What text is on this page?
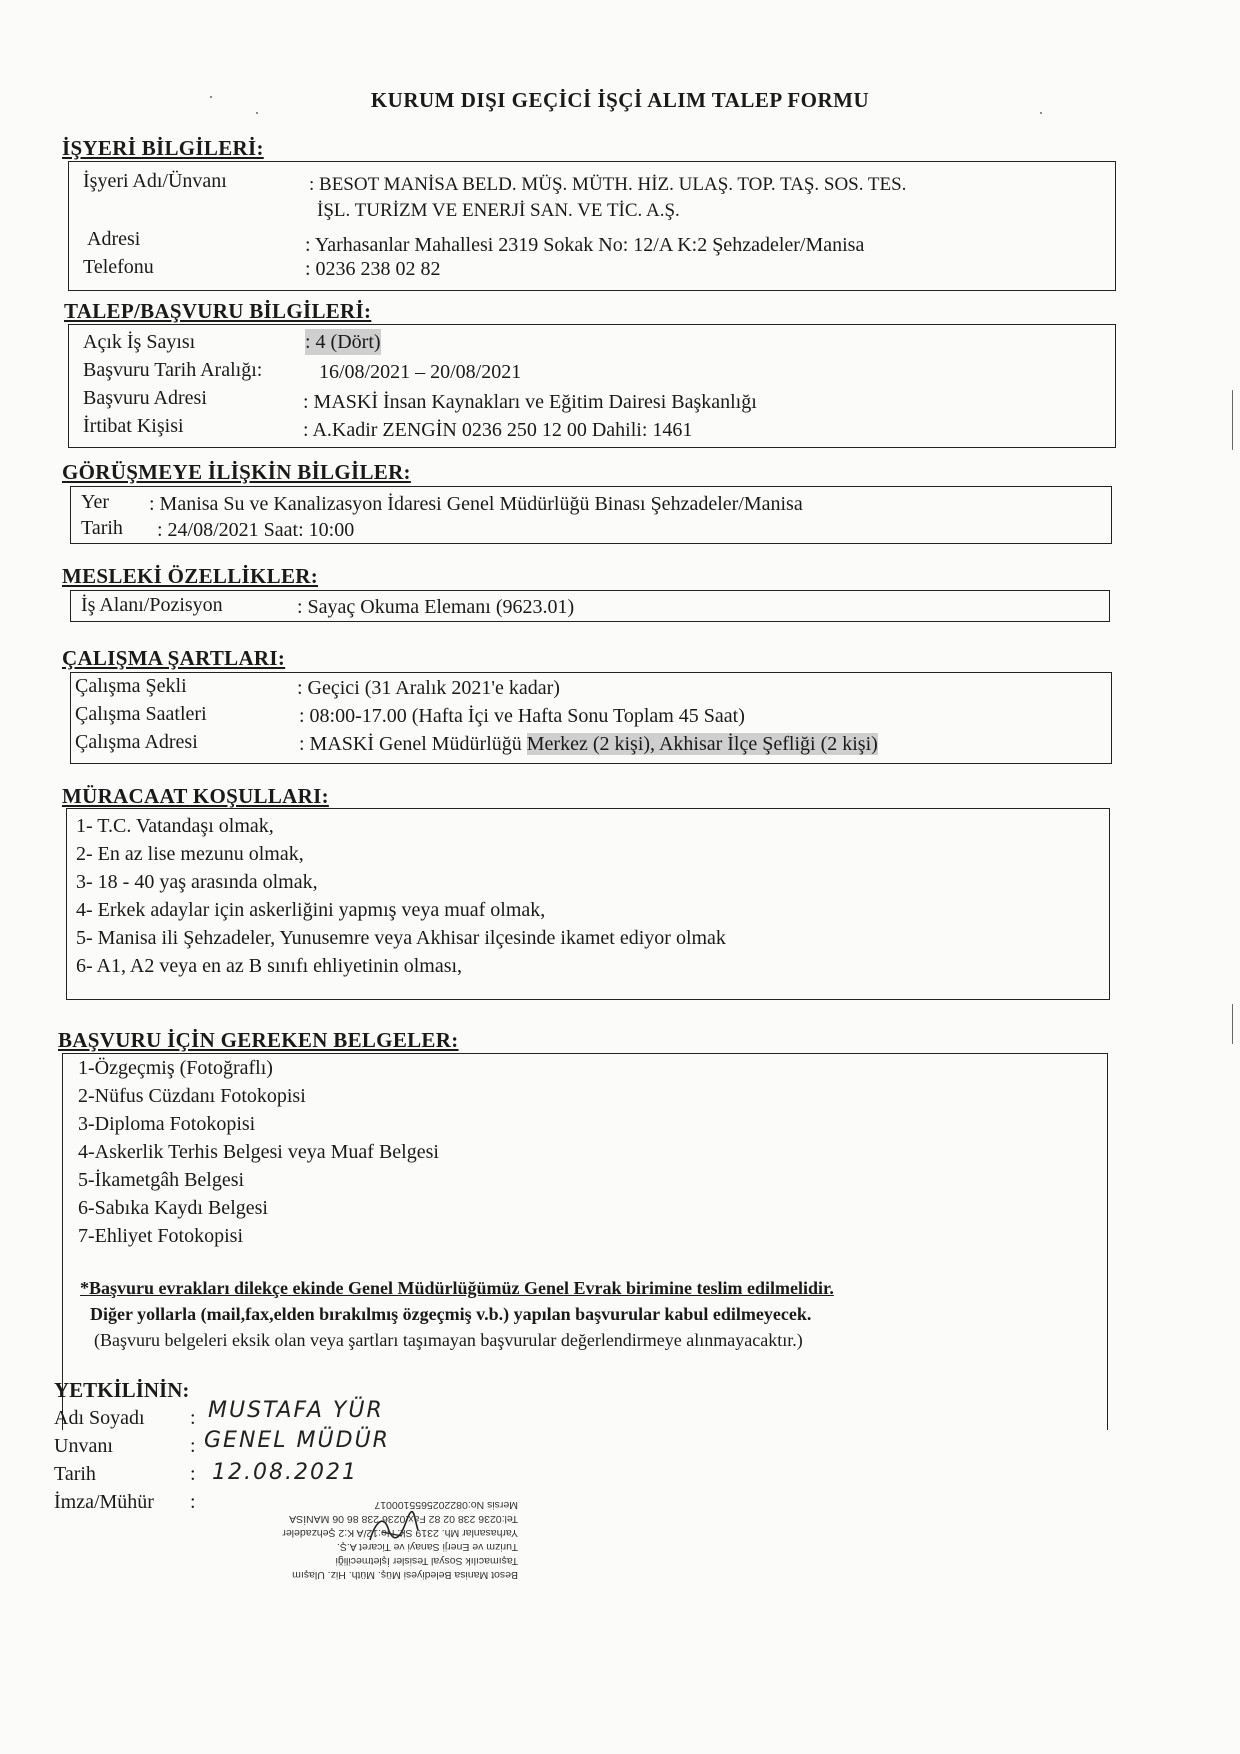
KURUM DIŞI GEÇİCİ İŞÇİ ALIM TALEP FORMU
İŞYERİ BİLGİLERİ:
İşyeri Adı/Ünvanı	: BESOT MANİSA BELD. MÜŞ. MÜTH. HİZ. ULAŞ. TOP. TAŞ. SOS. TES.
İŞL. TURİZM VE ENERJİ SAN. VE TİC. A.Ş.
Adresi	: Yarhasanlar Mahallesi 2319 Sokak No: 12/A K:2 Şehzadeler/Manisa
Telefonu	: 0236 238 02 82
TALEP/BAŞVURU BİLGİLERİ:
Açık İş Sayısı	: 4 (Dört)
Başvuru Tarih Aralığı:	16/08/2021 – 20/08/2021
Başvuru Adresi	: MASKİ İnsan Kaynakları ve Eğitim Dairesi Başkanlığı
İrtibat Kişisi	: A.Kadir ZENGİN 0236 250 12 00 Dahili: 1461
GÖRÜŞMEYE İLİŞKİN BİLGİLER:
Yer : Manisa Su ve Kanalizasyon İdaresi Genel Müdürlüğü Binası Şehzadeler/Manisa
Tarih : 24/08/2021 Saat: 10:00
MESLEKİ ÖZELLİKLER:
İş Alanı/Pozisyon	: Sayaç Okuma Elemanı (9623.01)
ÇALIŞMA ŞARTLARI:
Çalışma Şekli	: Geçici (31 Aralık 2021'e kadar)
Çalışma Saatleri	: 08:00-17.00 (Hafta İçi ve Hafta Sonu Toplam 45 Saat)
Çalışma Adresi	: MASKİ Genel Müdürlüğü Merkez (2 kişi), Akhisar İlçe Şefliği (2 kişi)
MÜRACAAT KOŞULLARI:
1- T.C. Vatandaşı olmak,
2- En az lise mezunu olmak,
3- 18 - 40 yaş arasında olmak,
4- Erkek adaylar için askerliğini yapmış veya muaf olmak,
5- Manisa ili Şehzadeler, Yunusemre veya Akhisar ilçesinde ikamet ediyor olmak
6- A1, A2 veya en az B sınıfı ehliyetinin olması,
BAŞVURU İÇİN GEREKEN BELGELER:
1-Özgeçmiş (Fotoğraflı)
2-Nüfus Cüzdanı Fotokopisi
3-Diploma Fotokopisi
4-Askerlik Terhis Belgesi veya Muaf Belgesi
5-İkametgâh Belgesi
6-Sabıka Kaydı Belgesi
7-Ehliyet Fotokopisi
*Başvuru evrakları dilekçe ekinde Genel Müdürlüğümüz Genel Evrak birimine teslim edilmelidir.
Diğer yollarla (mail,fax,elden bırakılmış özgeçmiş v.b.) yapılan başvurular kabul edilmeyecek.
(Başvuru belgeleri eksik olan veya şartları taşımayan başvurular değerlendirmeye alınmayacaktır.)
YETKİLİNİN:
Adı Soyadı : MUSTAFA YÜR
Unvanı	: GENEL MÜDÜR
Tarih	: 12.08.2021
İmza/Mühür :
Besot Manisa Belediyesi Müş. Müth. Hiz. Ulaşım
Taşımacılık Sosyal Tesisler İşletmeciliği
Turizm ve Enerji Sanayi ve Ticaret A.Ş.
Yarhasanlar Mh. 2319 Sk. No:12/A K:2 Şehzadeler
Tel:0236 238 02 82 Fax:0236 238 86 06 MANİSA
Mersis No:0822025655100017
